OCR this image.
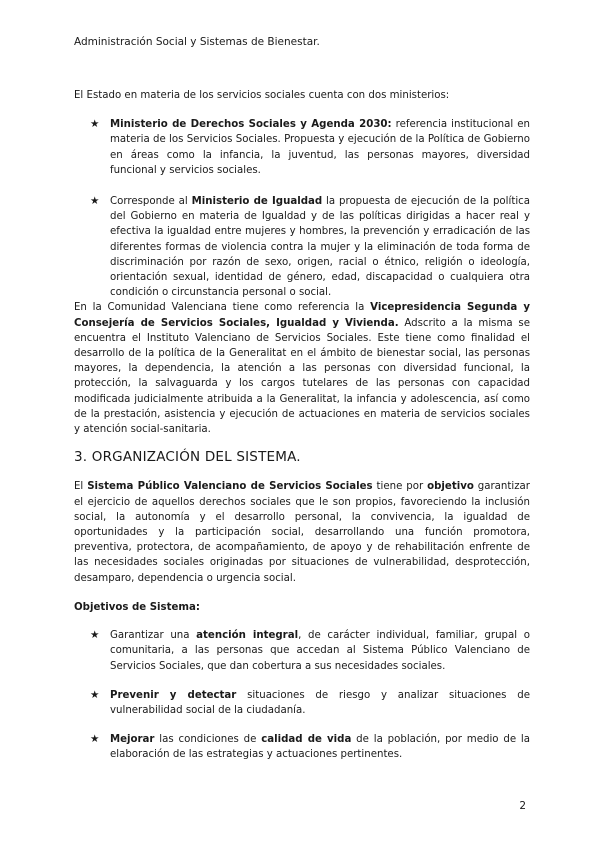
Administración Social y Sistemas de Bienestar.

El Estado en materia de los servicios sociales cuenta con dos ministerios:

★ Ministerio de Derechos Sociales y Agenda 2030: referencia institucional en materia de los Servicios Sociales. Propuesta y ejecución de la Política de Gobierno en áreas como la infancia, la juventud, las personas mayores, diversidad funcional y servicios sociales.
★ Corresponde al Ministerio de Igualdad la propuesta de ejecución de la política del Gobierno en materia de Igualdad y de las políticas dirigidas a hacer real y efectiva la igualdad entre mujeres y hombres, la prevención y erradicación de las diferentes formas de violencia contra la mujer y la eliminación de toda forma de discriminación por razón de sexo, origen, racial o étnico, religión o ideología, orientación sexual, identidad de género, edad, discapacidad o cualquiera otra condición o circunstancia personal o social.

En la Comunidad Valenciana tiene como referencia la Vicepresidencia Segunda y Consejería de Servicios Sociales, Igualdad y Vivienda. Adscrito a la misma se encuentra el Instituto Valenciano de Servicios Sociales. Este tiene como finalidad el desarrollo de la política de la Generalitat en el ámbito de bienestar social, las personas mayores, la dependencia, la atención a las personas con diversidad funcional, la protección, la salvaguarda y los cargos tutelares de las personas con capacidad modificada judicialmente atribuida a la Generalitat, la infancia y adolescencia, así como de la prestación, asistencia y ejecución de actuaciones en materia de servicios sociales y atención social-sanitaria.

3. ORGANIZACIÓN DEL SISTEMA.

El Sistema Público Valenciano de Servicios Sociales tiene por objetivo garantizar el ejercicio de aquellos derechos sociales que le son propios, favoreciendo la inclusión social, la autonomía y el desarrollo personal, la convivencia, la igualdad de oportunidades y la participación social, desarrollando una función promotora, preventiva, protectora, de acompañamiento, de apoyo y de rehabilitación enfrente de las necesidades sociales originadas por situaciones de vulnerabilidad, desprotección, desamparo, dependencia o urgencia social.

Objetivos de Sistema:

★ Garantizar una atención integral, de carácter individual, familiar, grupal o comunitaria, a las personas que accedan al Sistema Público Valenciano de Servicios Sociales, que dan cobertura a sus necesidades sociales.
★ Prevenir y detectar situaciones de riesgo y analizar situaciones de vulnerabilidad social de la ciudadanía.
★ Mejorar las condiciones de calidad de vida de la población, por medio de la elaboración de las estrategias y actuaciones pertinentes.
2
